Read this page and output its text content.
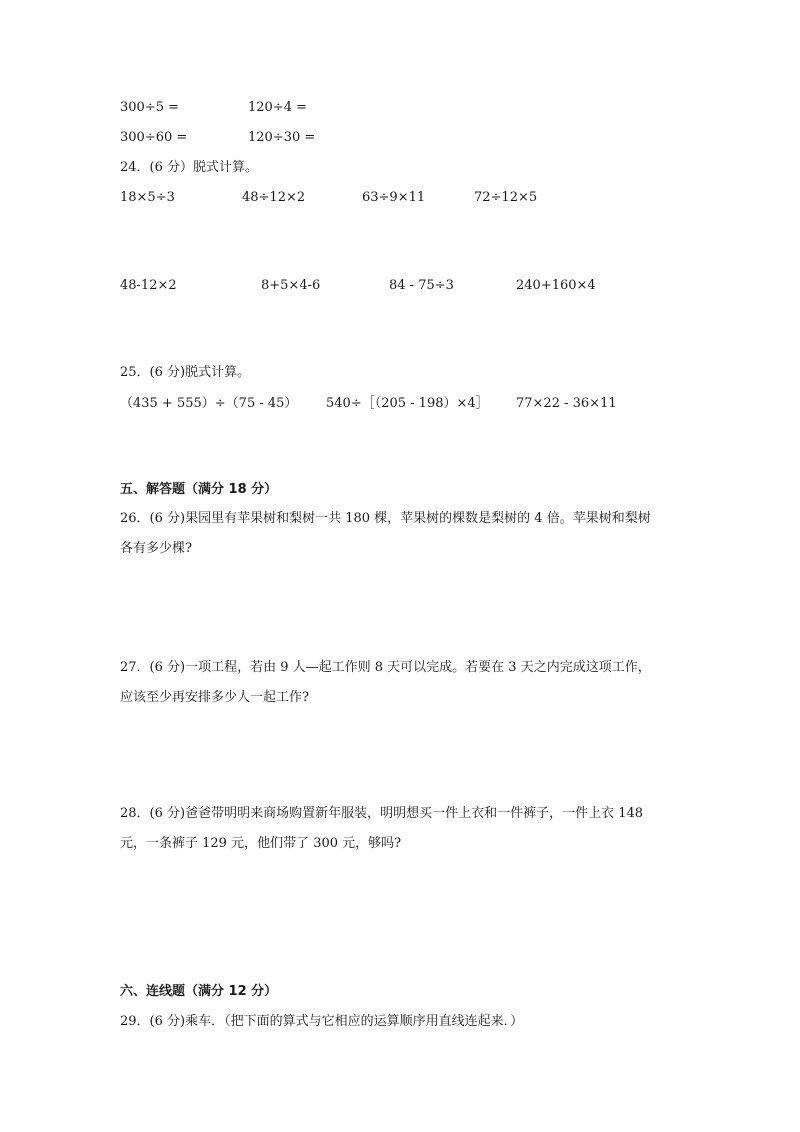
300÷5 =	120÷4 =
300÷60 =	120÷30 =
24．(6 分）脱式计算。
18×5÷3	48÷12×2	63÷9×11	72÷12×5
48-12×2	8+5×4-6	84 - 75÷3	240+160×4
25．(6 分)脱式计算。
（435 + 555）÷（75 - 45） 540÷［（205 - 198）×4］ 77×22 - 36×11
五、解答题（满分 18 分）
26．(6 分)果园里有苹果树和梨树一共 180 棵，苹果树的棵数是梨树的 4 倍。苹果树和梨树
各有多少棵?
27．(6 分)一项工程，若由 9 人—起工作则 8 天可以完成。若要在 3 天之内完成这项工作，
应该至少再安排多少人一起工作?
28．(6 分)爸爸带明明来商场购置新年服装，明明想买一件上衣和一件裤子，一件上衣 148
元，一条裤子 129 元，他们带了 300 元，够吗?
六、连线题（满分 12 分）
29．(6 分)乘车．（把下面的算式与它相应的运算顺序用直线连起来．）
